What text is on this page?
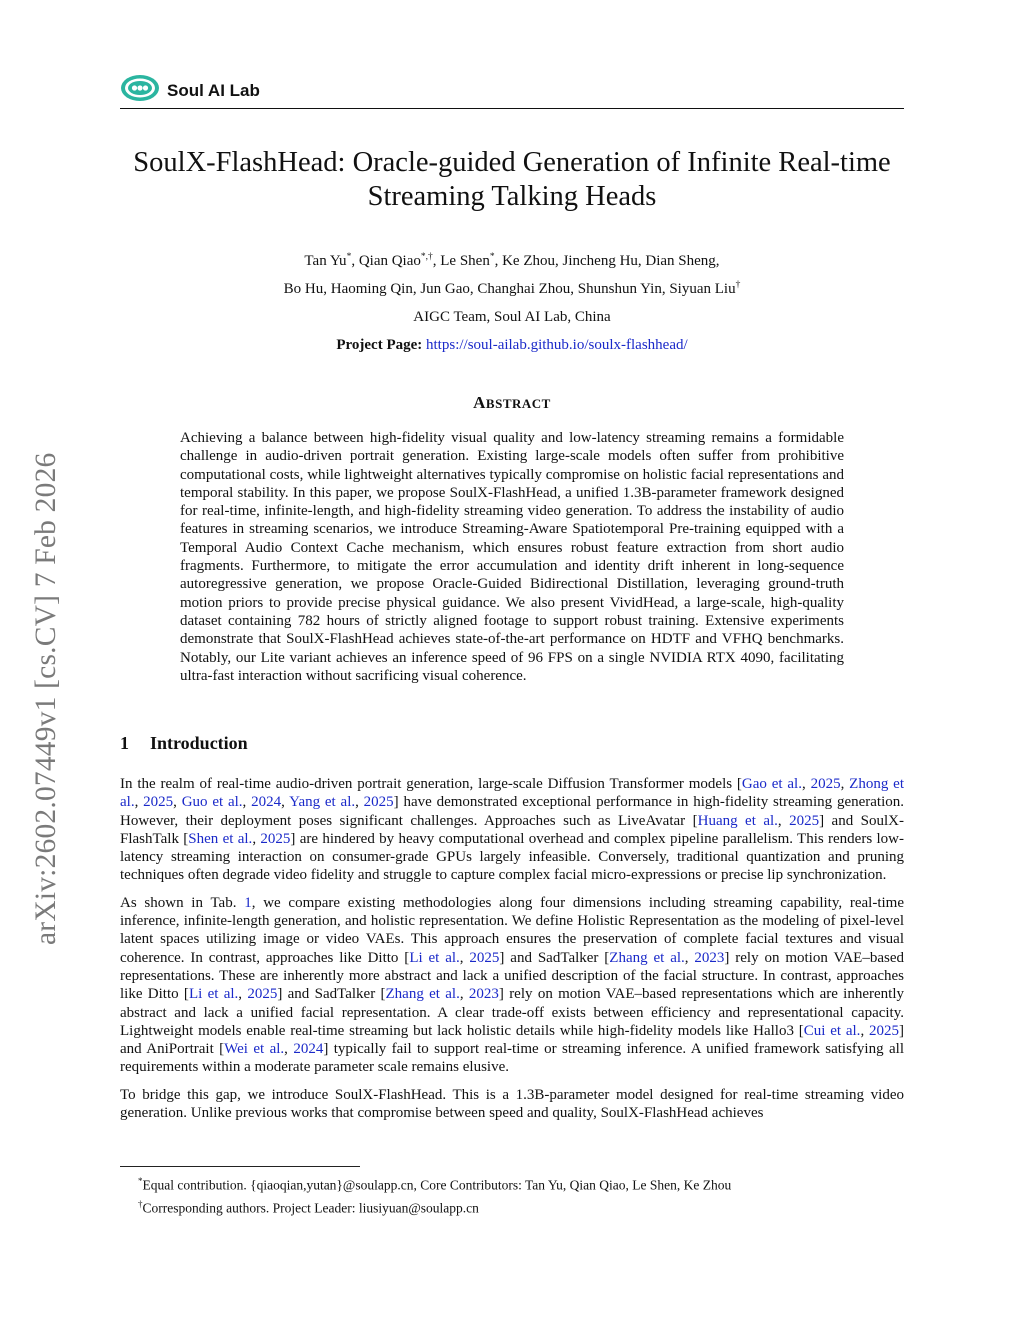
arXiv:2602.07449v1 [cs.CV] 7 Feb 2026
Soul AI Lab
SoulX-FlashHead: Oracle-guided Generation of Infinite Real-time
Streaming Talking Heads
Tan Yu*, Qian Qiao*,†, Le Shen*, Ke Zhou, Jincheng Hu, Dian Sheng,
Bo Hu, Haoming Qin, Jun Gao, Changhai Zhou, Shunshun Yin, Siyuan Liu†
AIGC Team, Soul AI Lab, China
Project Page: https://soul-ailab.github.io/soulx-flashhead/
ABSTRACT

Achieving a balance between high-fidelity visual quality and low-latency streaming remains a formidable challenge in audio-driven portrait generation. Existing large-scale models often suffer from prohibitive computational costs, while lightweight alternatives typically compromise on holistic facial representations and temporal stability. In this paper, we propose SoulX-FlashHead, a unified 1.3B-parameter framework designed for real-time, infinite-length, and high-fidelity streaming video generation. To address the instability of audio features in streaming scenarios, we introduce Streaming-Aware Spatiotemporal Pre-training equipped with a Temporal Audio Context Cache mechanism, which ensures robust feature extraction from short audio fragments. Furthermore, to mitigate the error accumulation and identity drift inherent in long-sequence autoregressive generation, we propose Oracle-Guided Bidirectional Distillation, leveraging ground-truth motion priors to provide precise physical guidance. We also present VividHead, a large-scale, high-quality dataset containing 782 hours of strictly aligned footage to support robust training. Extensive experiments demonstrate that SoulX-FlashHead achieves state-of-the-art performance on HDTF and VFHQ benchmarks. Notably, our Lite variant achieves an inference speed of 96 FPS on a single NVIDIA RTX 4090, facilitating ultra-fast interaction without sacrificing visual coherence.

1 Introduction

In the realm of real-time audio-driven portrait generation, large-scale Diffusion Transformer models [Gao et al., 2025, Zhong et al., 2025, Guo et al., 2024, Yang et al., 2025] have demonstrated exceptional performance in high-fidelity streaming generation. However, their deployment poses significant challenges. Approaches such as LiveAvatar [Huang et al., 2025] and SoulX-FlashTalk [Shen et al., 2025] are hindered by heavy computational overhead and complex pipeline parallelism. This renders low-latency streaming interaction on consumer-grade GPUs largely infeasible. Conversely, traditional quantization and pruning techniques often degrade video fidelity and struggle to capture complex facial micro-expressions or precise lip synchronization.

As shown in Tab. 1, we compare existing methodologies along four dimensions including streaming capability, real-time inference, infinite-length generation, and holistic representation. We define Holistic Representation as the modeling of pixel-level latent spaces utilizing image or video VAEs. This approach ensures the preservation of complete facial textures and visual coherence. In contrast, approaches like Ditto [Li et al., 2025] and SadTalker [Zhang et al., 2023] rely on motion VAE–based representations. These are inherently more abstract and lack a unified description of the facial structure. In contrast, approaches like Ditto [Li et al., 2025] and SadTalker [Zhang et al., 2023] rely on motion VAE–based representations which are inherently abstract and lack a unified facial representation. A clear trade-off exists between efficiency and representational capacity. Lightweight models enable real-time streaming but lack holistic details while high-fidelity models like Hallo3 [Cui et al., 2025] and AniPortrait [Wei et al., 2024] typically fail to support real-time or streaming inference. A unified framework satisfying all requirements within a moderate parameter scale remains elusive.

To bridge this gap, we introduce SoulX-FlashHead. This is a 1.3B-parameter model designed for real-time streaming video generation. Unlike previous works that compromise between speed and quality, SoulX-FlashHead achieves

*Equal contribution. {qiaoqian,yutan}@soulapp.cn, Core Contributors: Tan Yu, Qian Qiao, Le Shen, Ke Zhou
†Corresponding authors. Project Leader: liusiyuan@soulapp.cn
